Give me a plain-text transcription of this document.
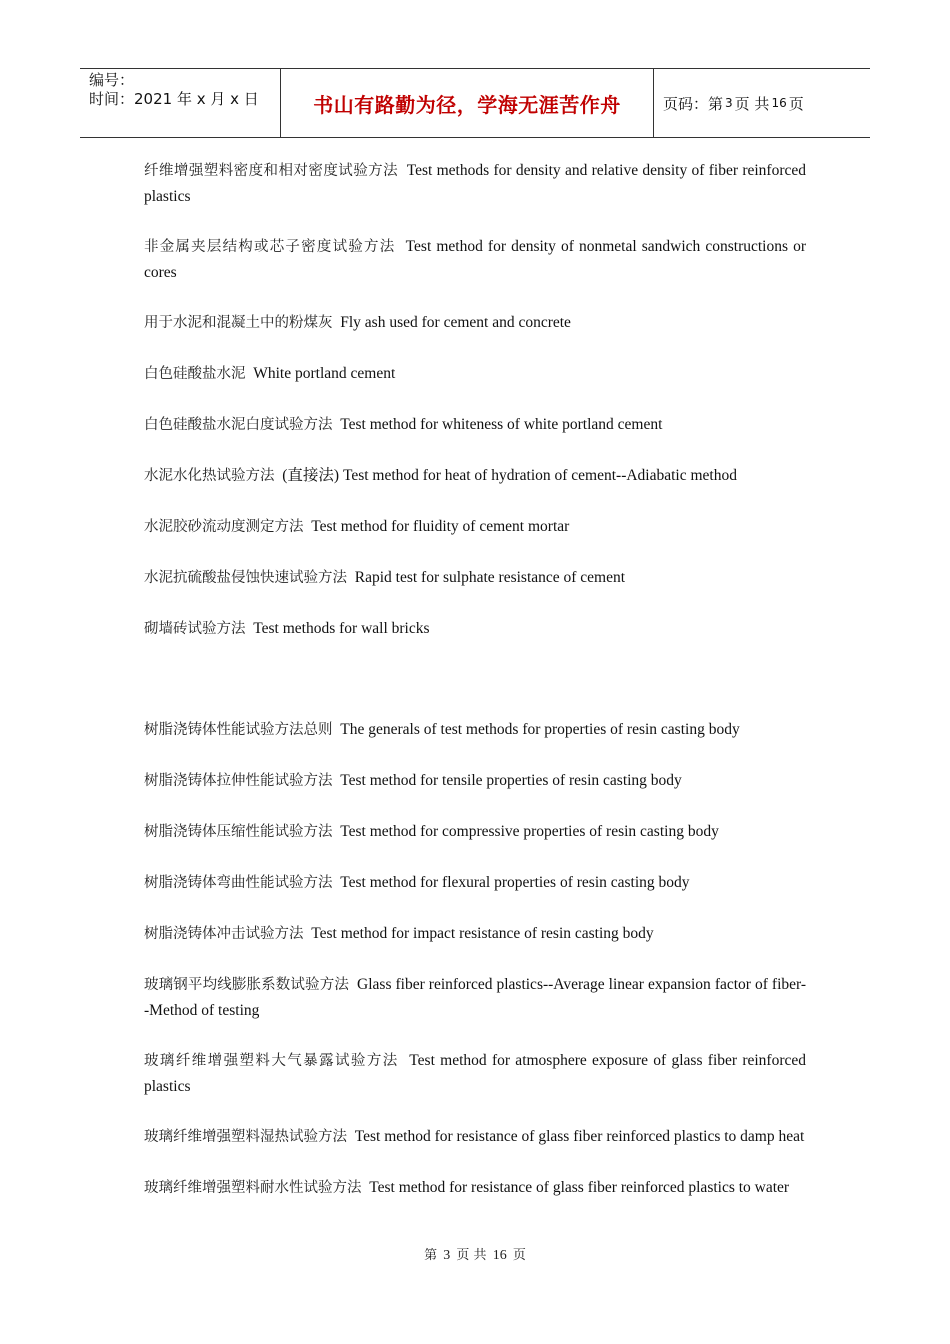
编号：
时间：2021 年 x 月 x 日	书山有路勤为径，学海无涯苦作舟	页码：第 3 页 共 16 页
纤维增强塑料密度和相对密度试验方法 Test methods for density and relative density of fiber reinforced plastics
非金属夹层结构或芯子密度试验方法 Test method for density of nonmetal sandwich constructions or cores
用于水泥和混凝土中的粉煤灰 Fly ash used for cement and concrete
白色硅酸盐水泥 White portland cement
白色硅酸盐水泥白度试验方法 Test method for whiteness of white portland cement
水泥水化热试验方法 (直接法) Test method for heat of hydration of cement--Adiabatic method
水泥胶砂流动度测定方法 Test method for fluidity of cement mortar
水泥抗硫酸盐侵蚀快速试验方法 Rapid test for sulphate resistance of cement
砌墙砖试验方法 Test methods for wall bricks
树脂浇铸体性能试验方法总则 The generals of test methods for properties of resin casting body
树脂浇铸体拉伸性能试验方法 Test method for tensile properties of resin casting body
树脂浇铸体压缩性能试验方法 Test method for compressive properties of resin casting body
树脂浇铸体弯曲性能试验方法 Test method for flexural properties of resin casting body
树脂浇铸体冲击试验方法 Test method for impact resistance of resin casting body
玻璃钢平均线膨胀系数试验方法 Glass fiber reinforced plastics--Average linear expansion factor of fiber--Method of testing
玻璃纤维增强塑料大气暴露试验方法 Test method for atmosphere exposure of glass fiber reinforced plastics
玻璃纤维增强塑料湿热试验方法 Test method for resistance of glass fiber reinforced plastics to damp heat
玻璃纤维增强塑料耐水性试验方法 Test method for resistance of glass fiber reinforced plastics to water
第 3 页 共 16 页
